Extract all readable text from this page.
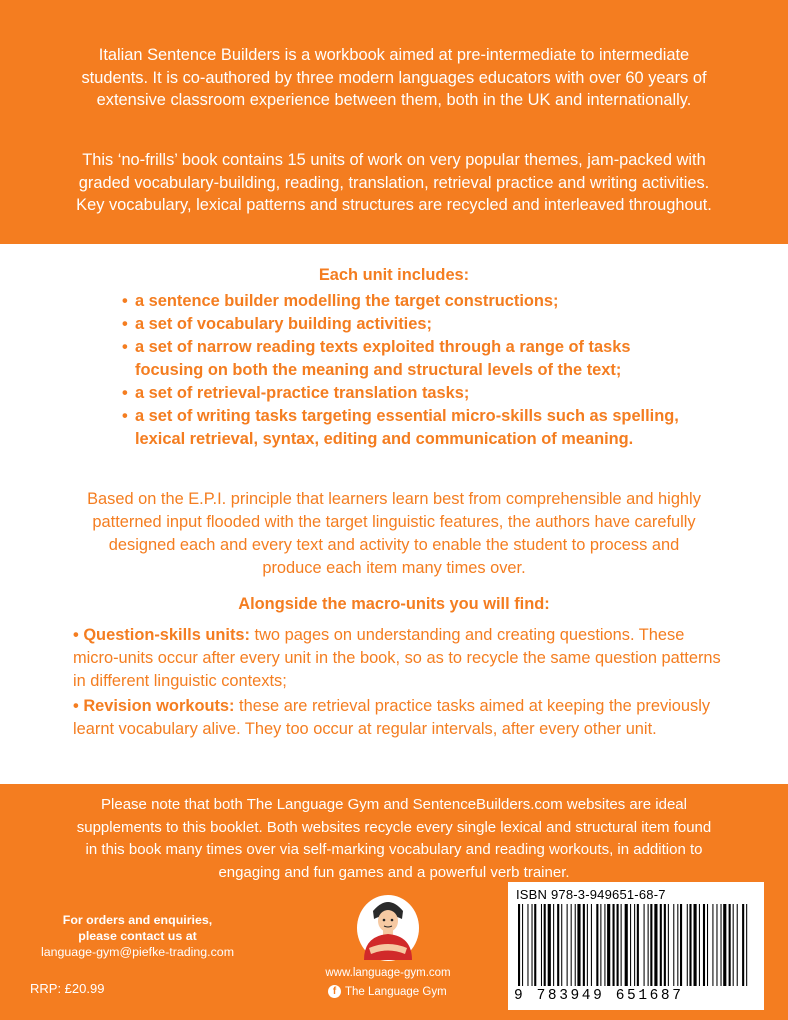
Italian Sentence Builders is a workbook aimed at pre-intermediate to intermediate students. It is co-authored by three modern languages educators with over 60 years of extensive classroom experience between them, both in the UK and internationally.

This ‘no-frills’ book contains 15 units of work on very popular themes, jam-packed with graded vocabulary-building, reading, translation, retrieval practice and writing activities. Key vocabulary, lexical patterns and structures are recycled and interleaved throughout.

Each unit includes:
• a sentence builder modelling the target constructions;
• a set of vocabulary building activities;
• a set of narrow reading texts exploited through a range of tasks focusing on both the meaning and structural levels of the text;
• a set of retrieval-practice translation tasks;
• a set of writing tasks targeting essential micro-skills such as spelling, lexical retrieval, syntax, editing and communication of meaning.

Based on the E.P.I. principle that learners learn best from comprehensible and highly patterned input flooded with the target linguistic features, the authors have carefully designed each and every text and activity to enable the student to process and produce each item many times over.

Alongside the macro-units you will find:

• Question-skills units: two pages on understanding and creating questions. These micro-units occur after every unit in the book, so as to recycle the same question patterns in different linguistic contexts;

• Revision workouts: these are retrieval practice tasks aimed at keeping the previously learnt vocabulary alive. They too occur at regular intervals, after every other unit.

Please note that both The Language Gym and SentenceBuilders.com websites are ideal supplements to this booklet. Both websites recycle every single lexical and structural item found in this book many times over via self-marking vocabulary and reading workouts, in addition to engaging and fun games and a powerful verb trainer.

For orders and enquiries,
please contact us at
language-gym@piefke-trading.com
RRP: £20.99
www.language-gym.com
f The Language Gym
ISBN 978-3-949651-68-7
9 783949 651687
